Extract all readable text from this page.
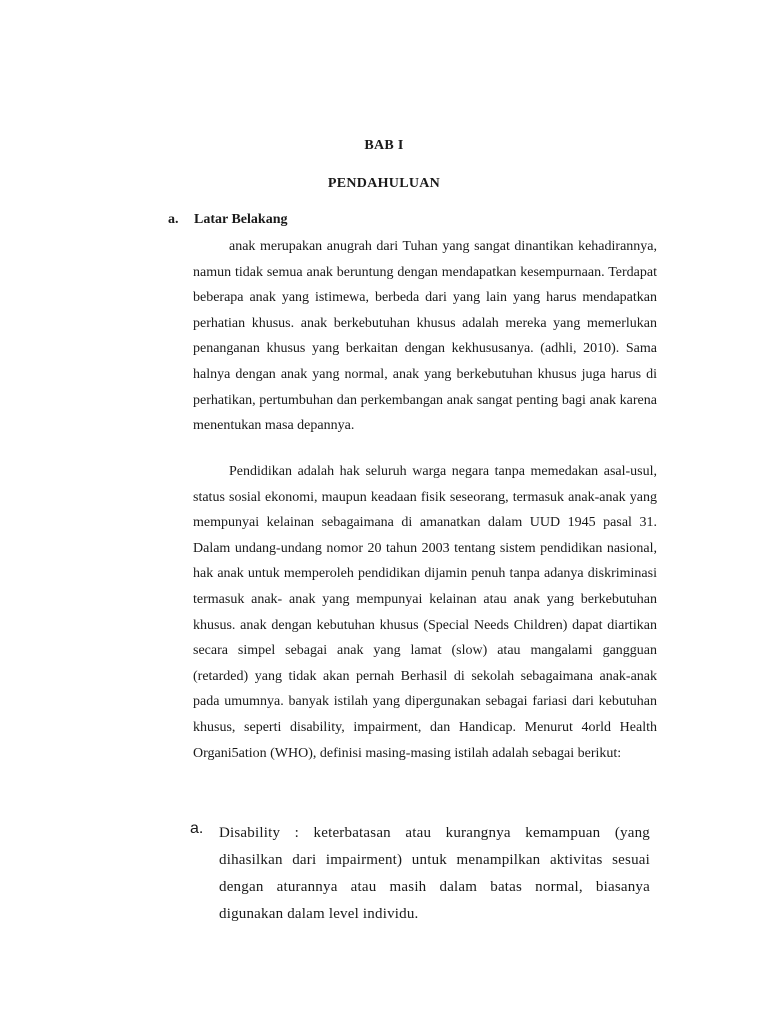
BAB I
PENDAHULUAN
a. Latar Belakang

anak merupakan anugrah dari Tuhan yang sangat dinantikan kehadirannya, namun tidak semua anak beruntung dengan mendapatkan kesempurnaan. Terdapat beberapa anak yang istimewa, berbeda dari yang lain yang harus mendapatkan perhatian khusus. anak berkebutuhan khusus adalah mereka yang memerlukan penanganan khusus yang berkaitan dengan kekhususanya. (adhli, 2010). Sama halnya dengan anak yang normal, anak yang berkebutuhan khusus juga harus di perhatikan, pertumbuhan dan perkembangan anak sangat penting bagi anak karena menentukan masa depannya.

Pendidikan adalah hak seluruh warga negara tanpa memedakan asal-usul, status sosial ekonomi, maupun keadaan fisik seseorang, termasuk anak-anak yang mempunyai kelainan sebagaimana di amanatkan dalam UUD 1945 pasal 31. Dalam undang-undang nomor 20 tahun 2003 tentang sistem pendidikan nasional, hak anak untuk memperoleh pendidikan dijamin penuh tanpa adanya diskriminasi termasuk anak- anak yang mempunyai kelainan atau anak yang berkebutuhan khusus. anak dengan kebutuhan khusus (Special Needs Children) dapat diartikan secara simpel sebagai anak yang lamat (slow) atau mangalami gangguan (retarded) yang tidak akan pernah Berhasil di sekolah sebagaimana anak-anak pada umumnya. banyak istilah yang dipergunakan sebagai fariasi dari kebutuhan khusus, seperti disability, impairment, dan Handicap. Menurut 4orld Health Organi5ation (WHO), definisi masing-masing istilah adalah sebagai berikut:

a. Disability : keterbatasan atau kurangnya kemampuan (yang dihasilkan dari impairment) untuk menampilkan aktivitas sesuai dengan aturannya atau masih dalam batas normal, biasanya digunakan dalam level individu.
